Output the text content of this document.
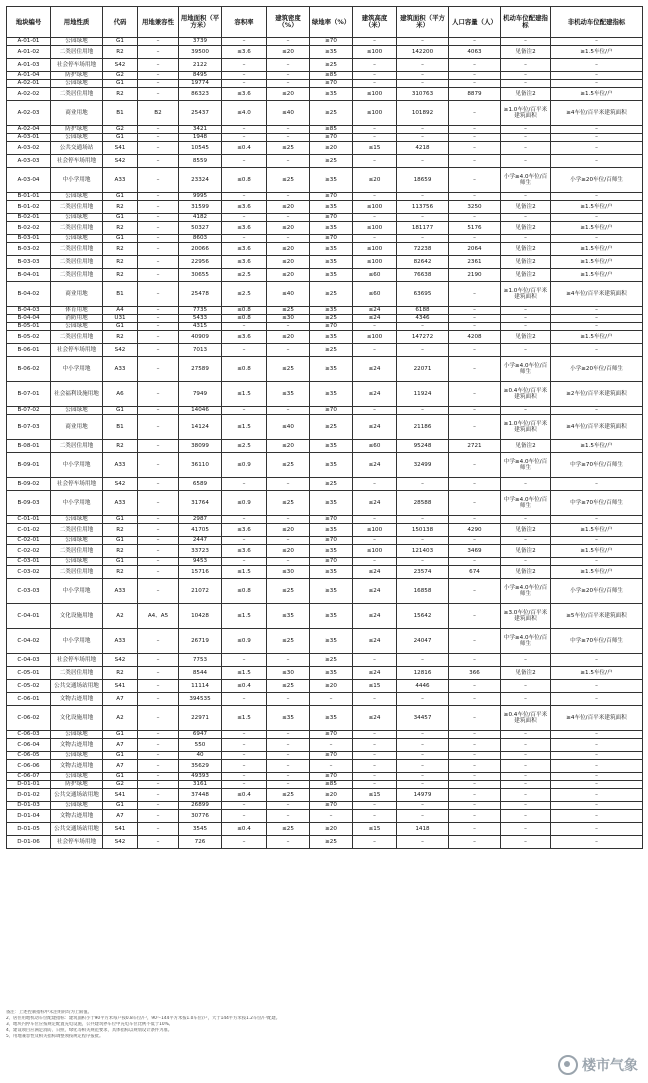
地块编号	用地性质	代码	用地兼容性	用地面积（平方米）	容积率	建筑密度（%）	绿地率（%）	建筑高度（米）	建筑面积（平方米）	人口容量（人）	机动车位配建指标	非机动车位配建指标
A-01-01	公园绿地	G1	–	3739	–	–	≥70	–	–	–	–	–
A-01-02	二类居住用地	R2	–	39500	≤3.6	≤20	≥35	≤100	142200	4063	见备注2	≥1.5车位/户
A-01-03	社会停车场用地	S42	–	2122	–	–	≥25	–	–	–	–	–
A-01-04	防护绿地	G2	–	8495	–	–	≥85	–	–	–	–	–
A-02-01	公园绿地	G1	–	19774	–	–	≥70	–	–	–	–	–
A-02-02	二类居住用地	R2	–	86323	≤3.6	≤20	≥35	≤100	310763	8879	见备注2	≥1.5车位/户
A-02-03	商业用地	B1	B2	25437	≤4.0	≤40	≥25	≤100	101892	–	≥1.0车位/百平米建筑面积	≥4车位/百平米建筑面积
A-02-04	防护绿地	G2	–	3421	–	–	≥85	–	–	–	–	–
A-03-01	公园绿地	G1	–	1948	–	–	≥70	–	–	–	–	–
A-03-02	公共交通场站	S41	–	10545	≤0.4	≤25	≥20	≤15	4218	–	–	–
A-03-03	社会停车场用地	S42	–	8559	–	–	≥25	–	–	–	–	–
A-03-04	中小学用地	A33	–	23324	≤0.8	≤25	≥35	≤20	18659	–	小学≥4.0车位/百师生	小学≥20车位/百师生
B-01-01	公园绿地	G1	–	9995	–	–	≥70	–	–	–	–	–
B-01-02	二类居住用地	R2	–	31599	≤3.6	≤20	≥35	≤100	113756	3250	见备注2	≥1.5车位/户
B-02-01	公园绿地	G1	–	4182	–	–	≥70	–	–	–	–	–
B-02-02	二类居住用地	R2	–	50327	≤3.6	≤20	≥35	≤100	181177	5176	见备注2	≥1.5车位/户
B-03-01	公园绿地	G1	–	8603	–	–	≥70	–	–	–	–	–
B-03-02	二类居住用地	R2	–	20066	≤3.6	≤20	≥35	≤100	72238	2064	见备注2	≥1.5车位/户
B-03-03	二类居住用地	R2	–	22956	≤3.6	≤20	≥35	≤100	82642	2361	见备注2	≥1.5车位/户
B-04-01	二类居住用地	R2	–	30655	≤2.5	≤20	≥35	≤60	76638	2190	见备注2	≥1.5车位/户
B-04-02	商业用地	B1	–	25478	≤2.5	≤40	≥25	≤60	63695	–	≥1.0车位/百平米建筑面积	≥4车位/百平米建筑面积
B-04-03	体育用地	A4	–	7735	≤0.8	≤25	≥35	≤24	6188	–	–	–
B-04-04	消防用地	U31	–	5433	≤0.8	≤30	≥25	≤24	4346	–	–	–
B-05-01	公园绿地	G1	–	4315	–	–	≥70	–	–	–	–	–
B-05-02	二类居住用地	R2	–	40909	≤3.6	≤20	≥35	≤100	147272	4208	见备注2	≥1.5车位/户
B-06-01	社会停车场用地	S42	–	7013	–	–	≥25	–	–	–	–	–
B-06-02	中小学用地	A33	–	27589	≤0.8	≤25	≥35	≤24	22071	–	小学≥4.0车位/百师生	小学≥20车位/百师生
B-07-01	社会福利设施用地	A6	–	7949	≤1.5	≤35	≥35	≤24	11924	–	≥0.4车位/百平米建筑面积	≥2车位/百平米建筑面积
B-07-02	公园绿地	G1	–	14046	–	–	≥70	–	–	–	–	–
B-07-03	商业用地	B1	–	14124	≤1.5	≤40	≥25	≤24	21186	–	≥1.0车位/百平米建筑面积	≥4车位/百平米建筑面积
B-08-01	二类居住用地	R2	–	38099	≤2.5	≤20	≥35	≤60	95248	2721	见备注2	≥1.5车位/户
B-09-01	中小学用地	A33	–	36110	≤0.9	≤25	≥35	≤24	32499	–	中学≥4.0车位/百师生	中学≥70车位/百师生
B-09-02	社会停车场用地	S42	–	6589	–	–	≥25	–	–	–	–	–
B-09-03	中小学用地	A33	–	31764	≤0.9	≤25	≥35	≤24	28588	–	中学≥4.0车位/百师生	中学≥70车位/百师生
C-01-01	公园绿地	G1	–	2987	–	–	≥70	–	–	–	–	–
C-01-02	二类居住用地	R2	–	41705	≤3.6	≤20	≥35	≤100	150138	4290	见备注2	≥1.5车位/户
C-02-01	公园绿地	G1	–	2447	–	–	≥70	–	–	–	–	–
C-02-02	二类居住用地	R2	–	33723	≤3.6	≤20	≥35	≤100	121403	3469	见备注2	≥1.5车位/户
C-03-01	公园绿地	G1	–	9453	–	–	≥70	–	–	–	–	–
C-03-02	二类居住用地	R2	–	15716	≤1.5	≤30	≥35	≤24	23574	674	见备注2	≥1.5车位/户
C-03-03	中小学用地	A33	–	21072	≤0.8	≤25	≥35	≤24	16858	–	小学≥4.0车位/百师生	小学≥20车位/百师生
C-04-01	文化设施用地	A2	A4、A5	10428	≤1.5	≤35	≥35	≤24	15642	–	≥3.0车位/百平米建筑面积	≥5车位/百平米建筑面积
C-04-02	中小学用地	A33	–	26719	≤0.9	≤25	≥35	≤24	24047	–	中学≥4.0车位/百师生	中学≥70车位/百师生
C-04-03	社会停车场用地	S42	–	7753	–	–	≥25	–	–	–	–	–
C-05-01	二类居住用地	R2	–	8544	≤1.5	≤30	≥35	≤24	12816	366	见备注2	≥1.5车位/户
C-05-02	公共交通场站用地	S41	–	11114	≤0.4	≤25	≥20	≤15	4446	–	–	–
C-06-01	文物古迹用地	A7	–	394535	–	–	–	–	–	–	–	–
C-06-02	文化设施用地	A2	–	22971	≤1.5	≤35	≥35	≤24	34457	–	≥0.4车位/百平米建筑面积	≥4车位/百平米建筑面积
C-06-03	公园绿地	G1	–	6947	–	–	≥70	–	–	–	–	–
C-06-04	文物古迹用地	A7	–	550	–	–	–	–	–	–	–	–
C-06-05	公园绿地	G1	–	40	–	–	≥70	–	–	–	–	–
C-06-06	文物古迹用地	A7	–	35629	–	–	–	–	–	–	–	–
C-06-07	公园绿地	G1	–	49393	–	–	≥70	–	–	–	–	–
D-01-01	防护绿地	G2	–	3161	–	–	≥85	–	–	–	–	–
D-01-02	公共交通场站用地	S41	–	37448	≤0.4	≤25	≥20	≤15	14979	–	–	–
D-01-03	公园绿地	G1	–	26899	–	–	≥70	–	–	–	–	–
D-01-04	文物古迹用地	A7	–	30776	–	–	–	–	–	–	–	–
D-01-05	公共交通场站用地	S41	–	3545	≤0.4	≤25	≥20	≤15	1418	–	–	–
D-01-06	社会停车场用地	S42	–	726	–	–	≥25	–	–	–	–	–
备注：上述控制指标中未注明的均为上限值。
2、居住用地机动车位配建指标：建筑面积小于90平方米每户按0.8车位/户，90～144平方米按1.0车位/户，大于144平方米按1.2车位/户配建。
3、地块内停车位应按规定配置充电设施，公共建筑停车位中充电车位比例不低于10%。
4、建设项目应满足消防、日照、绿化等相关规范要求，具体指标以规划设计条件为准。
5、用地兼容性及相关指标调整须按规定程序报批。
楼市气象
